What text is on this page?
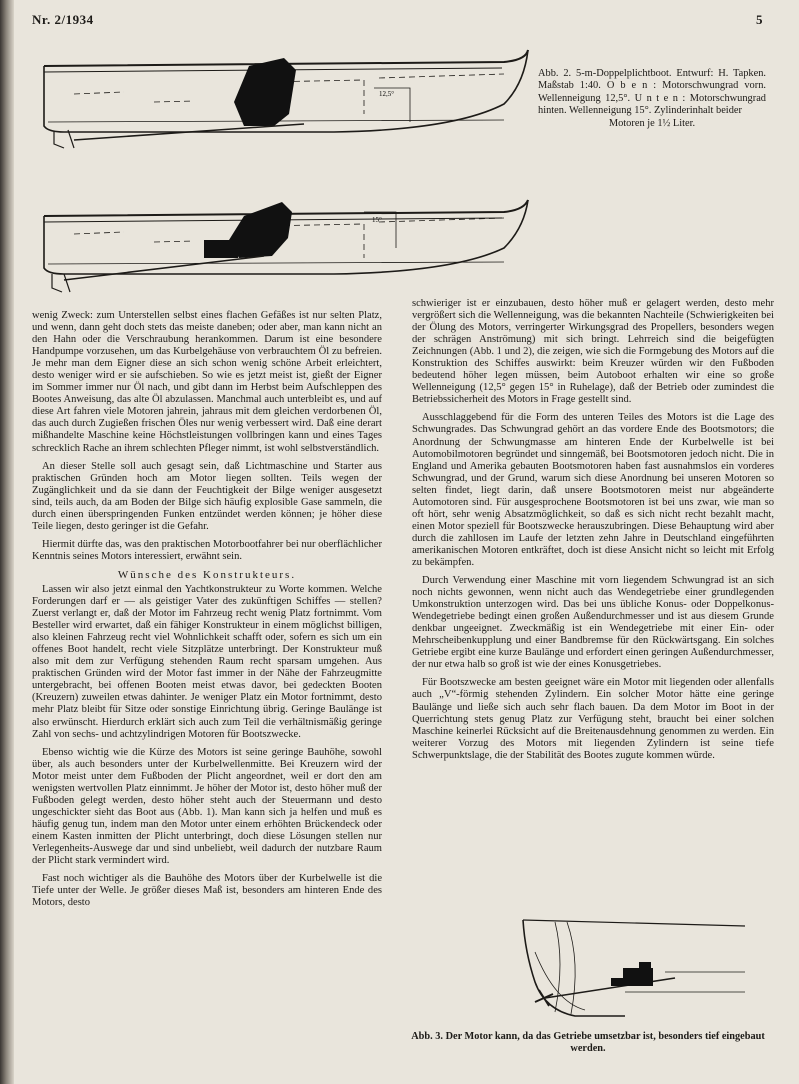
Nr. 2/1934	5
12,5°
Abb. 2. 5-m-Doppelplichtboot. Entwurf: H. Tapken. Maßstab 1:40. O b e n : Motorschwungrad vorn. Wellenneigung 12,5°. U n t e n : Motorschwungrad hinten. Wellenneigung 15°. Zylinderinhalt beider
Motoren je 1½ Liter.
15°

wenig Zweck: zum Unterstellen selbst eines flachen Gefäßes ist nur selten Platz, und wenn, dann geht doch stets das meiste daneben; oder aber, man kann nicht an den Hahn oder die Verschraubung herankommen. Darum ist eine besondere Handpumpe vorzusehen, um das Kurbelgehäuse von verbrauchtem Öl zu befreien. Je mehr man dem Eigner diese an sich schon wenig schöne Arbeit erleichtert, desto weniger wird er sie aufschieben. So wie es jetzt meist ist, gießt der Eigner im Sommer immer nur Öl nach, und gibt dann im Herbst beim Aufschleppen des Bootes Anweisung, das alte Öl abzulassen. Manchmal auch unterbleibt es, und auf diese Art fahren viele Motoren jahrein, jahraus mit dem gleichen verdorbenen Öl, das auch durch Zugießen frischen Öles nur wenig verbessert wird. Daß eine derart mißhandelte Maschine keine Höchstleistungen vollbringen kann und eines Tages schrecklich Rache an ihrem schlechten Pfleger nimmt, ist wohl selbstverständlich.

An dieser Stelle soll auch gesagt sein, daß Lichtmaschine und Starter aus praktischen Gründen hoch am Motor liegen sollten. Teils wegen der Zugänglichkeit und da sie dann der Feuchtigkeit der Bilge weniger ausgesetzt sind, teils auch, da am Boden der Bilge sich häufig explosible Gase sammeln, die durch einen überspringenden Funken entzündet werden können; je höher diese Teile liegen, desto geringer ist die Gefahr.

Hiermit dürfte das, was den praktischen Motorbootfahrer bei nur oberflächlicher Kenntnis seines Motors interessiert, erwähnt sein.

Wünsche des Konstrukteurs.

Lassen wir also jetzt einmal den Yachtkonstrukteur zu Worte kommen. Welche Forderungen darf er — als geistiger Vater des zukünftigen Schiffes — stellen? Zuerst verlangt er, daß der Motor im Fahrzeug recht wenig Platz fortnimmt. Vom Besteller wird erwartet, daß ein fähiger Konstrukteur in einem möglichst billigen, also kleinen Fahrzeug recht viel Wohnlichkeit schafft oder, sofern es sich um ein offenes Boot handelt, recht viele Sitzplätze unterbringt. Der Konstrukteur muß also mit dem zur Verfügung stehenden Raum recht sparsam umgehen. Aus praktischen Gründen wird der Motor fast immer in der Nähe der Fahrzeugmitte untergebracht, bei offenen Booten meist etwas davor, bei gedeckten Booten (Kreuzern) zuweilen etwas dahinter. Je weniger Platz ein Motor fortnimmt, desto mehr Platz bleibt für Sitze oder sonstige Einrichtung übrig. Geringe Baulänge ist also erwünscht. Hierdurch erklärt sich auch zum Teil die verhältnismäßig geringe Zahl von sechs- und achtzylindrigen Motoren für Bootszwecke.

Ebenso wichtig wie die Kürze des Motors ist seine geringe Bauhöhe, sowohl über, als auch besonders unter der Kurbelwellenmitte. Bei Kreuzern wird der Motor meist unter dem Fußboden der Plicht angeordnet, weil er dort den am wenigsten wertvollen Platz einnimmt. Je höher der Motor ist, desto höher muß der Fußboden gelegt werden, desto höher steht auch der Steuermann und desto ungeschickter sieht das Boot aus (Abb. 1). Man kann sich ja helfen und muß es häufig genug tun, indem man den Motor unter einem erhöhten Brückendeck oder einem Kasten inmitten der Plicht unterbringt, doch diese Lösungen stellen nur Verlegenheits-Auswege dar und sind unbeliebt, weil dadurch der nutzbare Raum der Plicht stark vermindert wird.

Fast noch wichtiger als die Bauhöhe des Motors über der Kurbelwelle ist die Tiefe unter der Welle. Je größer dieses Maß ist, besonders am hinteren Ende des Motors, desto

schwieriger ist er einzubauen, desto höher muß er gelagert werden, desto mehr vergrößert sich die Wellenneigung, was die bekannten Nachteile (Schwierigkeiten bei der Ölung des Motors, verringerter Wirkungsgrad des Propellers, besonders wegen der schrägen Anströmung) mit sich bringt. Lehrreich sind die beigefügten Zeichnungen (Abb. 1 und 2), die zeigen, wie sich die Formgebung des Motors auf die Konstruktion des Schiffes auswirkt: beim Kreuzer würden wir den Fußboden bedeutend höher legen müssen, beim Autoboot erhalten wir eine so große Wellenneigung (12,5° gegen 15° in Ruhelage), daß der Betrieb oder zumindest die Betriebssicherheit des Motors in Frage gestellt sind.

Ausschlaggebend für die Form des unteren Teiles des Motors ist die Lage des Schwungrades. Das Schwungrad gehört an das vordere Ende des Bootsmotors; die Anordnung der Schwungmasse am hinteren Ende der Kurbelwelle ist bei Automobilmotoren begründet und sinngemäß, bei Bootsmotoren jedoch nicht. Die in England und Amerika gebauten Bootsmotoren haben fast ausnahmslos ein vorderes Schwungrad, und der Grund, warum sich diese Anordnung bei unseren Motoren so selten findet, liegt darin, daß unsere Bootsmotoren meist nur abgeänderte Automotoren sind. Für ausgesprochene Bootsmotoren ist bei uns zwar, wie man so oft hört, sehr wenig Absatzmöglichkeit, so daß es sich nicht recht bezahlt macht, einen Motor speziell für Bootszwecke herauszubringen. Diese Behauptung wird aber durch die zahllosen im Laufe der letzten zehn Jahre in Deutschland eingeführten amerikanischen Motoren entkräftet, doch ist diese Ansicht nicht so leicht mit Erfolg zu bekämpfen.

Durch Verwendung einer Maschine mit vorn liegendem Schwungrad ist an sich noch nichts gewonnen, wenn nicht auch das Wendegetriebe einer grundlegenden Umkonstruktion unterzogen wird. Das bei uns übliche Konus- oder Doppelkonus-Wendegetriebe bedingt einen großen Außendurchmesser und ist aus diesem Grunde denkbar ungeeignet. Zweckmäßig ist ein Wendegetriebe mit einer Ein- oder Mehrscheibenkupplung und einer Bandbremse für den Rückwärtsgang. Ein solches Getriebe ergibt eine kurze Baulänge und erfordert einen geringen Außendurchmesser, der nur etwa halb so groß ist wie der eines Konusgetriebes.

Für Bootszwecke am besten geeignet wäre ein Motor mit liegenden oder allenfalls auch „V“-förmig stehenden Zylindern. Ein solcher Motor hätte eine geringe Baulänge und ließe sich auch sehr flach bauen. Da dem Motor im Boot in der Querrichtung stets genug Platz zur Verfügung steht, braucht bei einer solchen Maschine keinerlei Rücksicht auf die Breitenausdehnung genommen zu werden. Ein weiterer Vorzug des Motors mit liegenden Zylindern ist seine tiefe Schwerpunktslage, die der Stabilität des Bootes zugute kommen würde.

Abb. 3. Der Motor kann, da das Getriebe umsetzbar ist, besonders tief eingebaut werden.
